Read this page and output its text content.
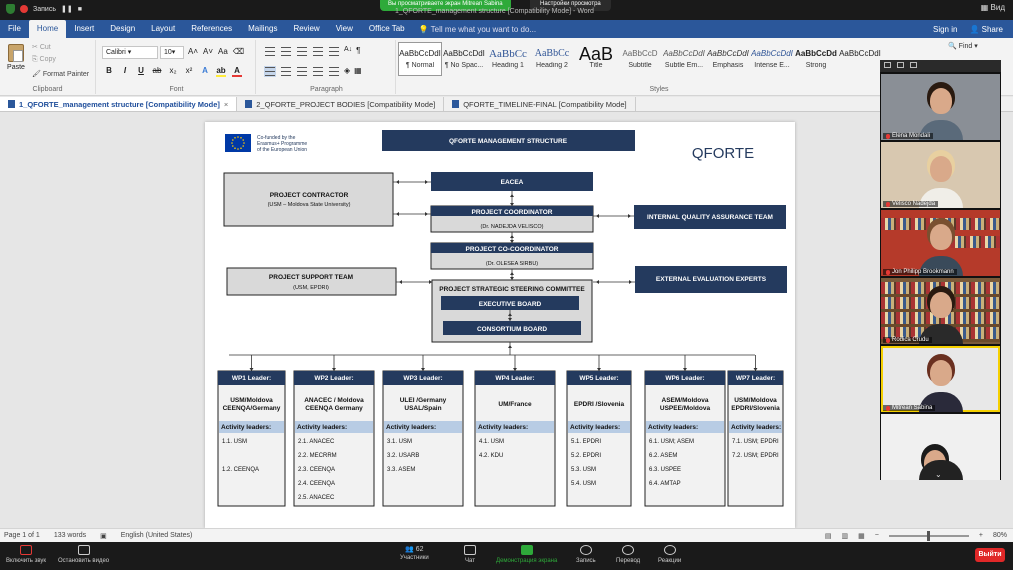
Запись ❚❚ ■
Вы просматриваете экран Mitrean Sabina	Настройки просмотра
1_QFORTE_management structure [Compatibility Mode] - Word	▦ Вид
File	Home	Insert	Design	Layout	References	Mailings	Review	View	Office Tab	💡 Tell me what you want to do...	Sign in 👤 Share
Paste
✂ Cut
⎘ Copy
🖌 Format Painter
Clipboard
Calibri ▾	10▾	A˄ A˅ Aa ⌫
B	I	U ab x₂ x² A ab A
Font
A↓ ¶
◈ ▦
Paragraph	Styles
AaBbCcDdI
¶ Normal
AaBbCcDdI
¶ No Spac...
AaBbCc
Heading 1
AaBbCc
Heading 2
AaB
Title
AaBbCcD
Subtitle
AaBbCcDdI
Subtle Em...
AaBbCcDdI
Emphasis
AaBbCcDdI
Intense E...
AaBbCcDd
Strong
AaBbCcDdI
🔍 Find ▾
1_QFORTE_management structure [Compatibility Mode] ×	2_QFORTE_PROJECT BODIES [Compatibility Mode]	QFORTE_TIMELINE-FINAL [Compatibility Mode]
Co-funded by the
Erasmus+ Programme
of the European Union
QFORTE MANAGEMENT STRUCTURE
QFORTE
EACEA
PROJECT CONTRACTOR
(USM – Moldova State University)
PROJECT COORDINATOR
(Dr. NADEJDA VELISCO)
INTERNAL QUALITY ASSURANCE TEAM
PROJECT CO-COORDINATOR
(Dr. OLESEA SIRBU)
PROJECT SUPPORT TEAM
(USM, EPDRI)
EXTERNAL EVALUATION EXPERTS
PROJECT STRATEGIC STEERING COMMITTEE
EXECUTIVE BOARD
CONSORTIUM BOARD
WP1 Leader:
USM/Moldova
CEENQA/Germany
Activity leaders:
1.1. USM
1.2. CEENQA
WP2 Leader:
ANACEC / Moldova
CEENQA Germany
Activity leaders:
2.1. ANACEC
2.2. MECRRM
2.3. CEENQA
2.4. CEENQA
2.5. ANACEC
WP3 Leader:
ULEI /Germany
USAL/Spain
Activity leaders:
3.1. USM
3.2. USARB
3.3. ASEM
WP4 Leader:
UM/France
Activity leaders:
4.1. USM
4.2. KDU
WP5 Leader:
EPDRI /Slovenia
Activity leaders:
5.1. EPDRI
5.2. EPDRI
5.3. USM
5.4. USM
WP6 Leader:
ASEM/Moldova
USPEE/Moldova
Activity leaders:
6.1. USM; ASEM
6.2. ASEM
6.3. USPEE
6.4. AMTAP
WP7 Leader:
USM/Moldova
EPDRI/Slovenia
Activity leaders:
7.1. USM; EPDRI
7.2. USM; EPDRI
Page 1 of 1 133 words ▣ English (United States)	▤ ▥ ▦ −	+ 80%
Elena Mondali
Velisco Nadejda
Jon Philipp Brookmann
Rodica Crudu
Mitrean Sabina
⌄
Включить звук Остановить видео
👥 62
Участники	Чат	Демонстрация экрана	Запись	Перевод	Реакции
Выйти
